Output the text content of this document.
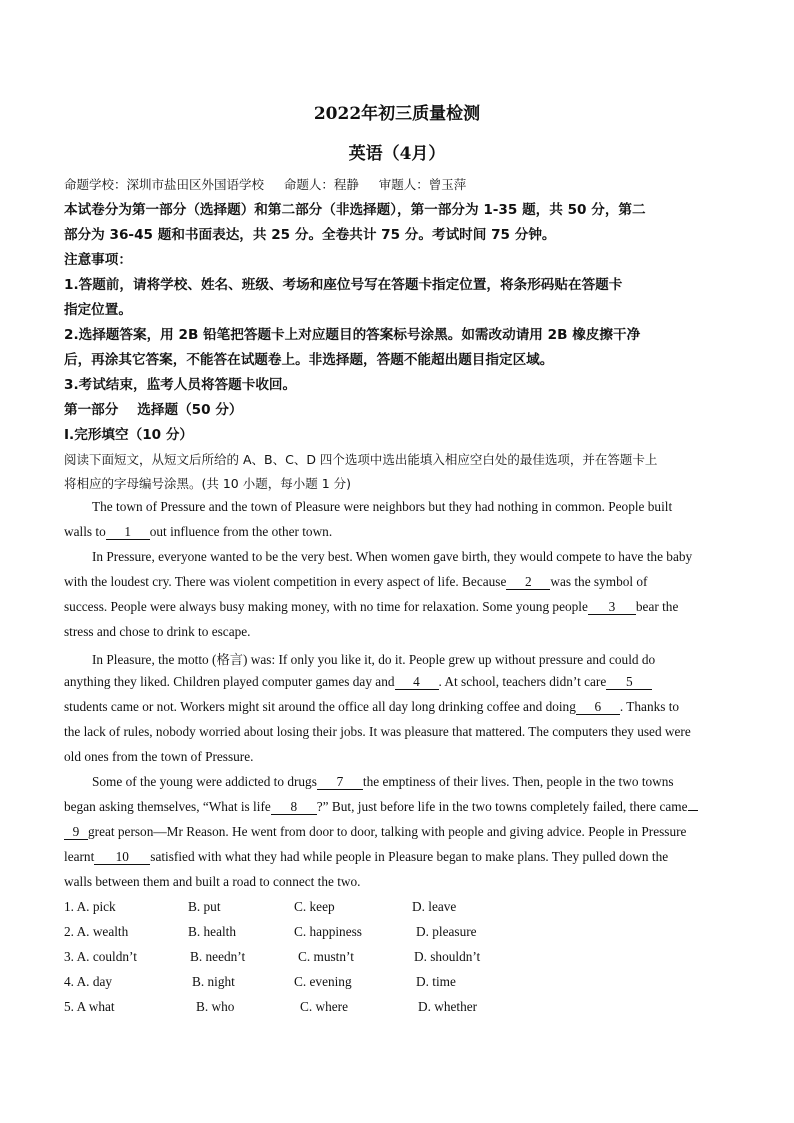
2022年初三质量检测
英语（4月）
命题学校：深圳市盐田区外国语学校     命题人：程静     审题人：曾玉萍
本试卷分为第一部分（选择题）和第二部分（非选择题），第一部分为 1-35 题，共 50 分，第二
部分为 36-45 题和书面表达，共 25 分。全卷共计 75 分。考试时间 75 分钟。
注意事项：
1.答题前，请将学校、姓名、班级、考场和座位号写在答题卡指定位置，将条形码贴在答题卡
指定位置。
2.选择题答案，用 2B 铅笔把答题卡上对应题目的答案标号涂黑。如需改动请用 2B 橡皮擦干净
后，再涂其它答案，不能答在试题卷上。非选择题，答题不能超出题目指定区域。
3.考试结束，监考人员将答题卡收回。
第一部分    选择题（50 分）
Ⅰ.完形填空（10 分）
阅读下面短文，从短文后所给的 A、B、C、D 四个选项中选出能填入相应空白处的最佳选项，并在答题卡上
将相应的字母编号涂黑。(共 10 小题，每小题 1 分)
The town of Pressure and the town of Pleasure were neighbors but they had nothing in common. People built
walls to 1 out influence from the other town.
In Pressure, everyone wanted to be the very best. When women gave birth, they would compete to have the baby
with the loudest cry. There was violent competition in every aspect of life. Because 2 was the symbol of
success. People were always busy making money, with no time for relaxation. Some young people 3 bear the
stress and chose to drink to escape.
In Pleasure, the motto (格言) was: If only you like it, do it. People grew up without pressure and could do
anything they liked. Children played computer games day and 4 . At school, teachers didn’t care 5
students came or not. Workers might sit around the office all day long drinking coffee and doing 6 . Thanks to
the lack of rules, nobody worried about losing their jobs. It was pleasure that mattered. The computers they used were
old ones from the town of Pressure.
Some of the young were addicted to drugs 7 the emptiness of their lives. Then, people in the two towns
began asking themselves, “What is life 8 ?” But, just before life in the two towns completely failed, there came
9 great person—Mr Reason. He went from door to door, talking with people and giving advice. People in Pressure
learnt 10 satisfied with what they had while people in Pleasure began to make plans. They pulled down the
walls between them and built a road to connect the two.
1. A. pick	B. put	C. keep	D. leave
2. A. wealth	B. health	C. happiness	D. pleasure
3. A. couldn’t	B. needn’t	C. mustn’t	D. shouldn’t
4. A. day	B. night	C. evening	D. time
5. A what	B. who	C. where	D. whether
